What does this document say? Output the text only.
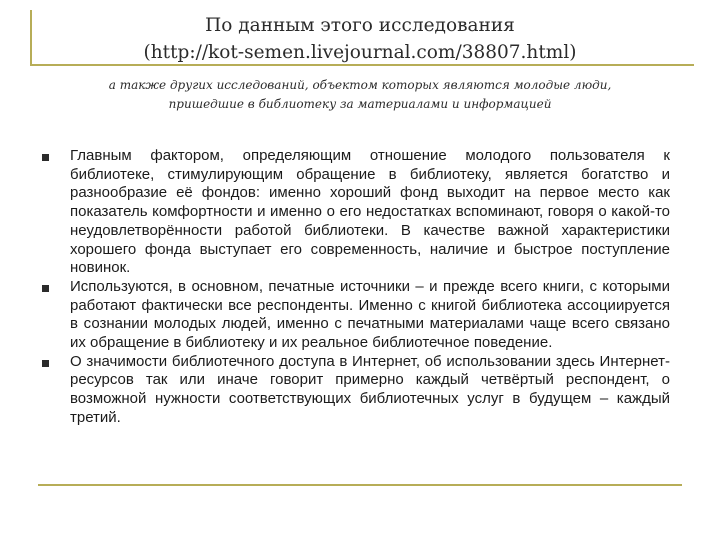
По данным этого исследования
(http://kot-semen.livejournal.com/38807.html)

а также других исследований, объектом которых являются молодые люди,
пришедшие в библиотеку за материалами и информацией

Главным фактором, определяющим отношение молодого пользователя к библиотеке, стимулирующим обращение в библиотеку, является богатство и разнообразие её фондов: именно хороший фонд выходит на первое место как показатель комфортности и именно о его недостатках вспоминают, говоря о какой-то неудовлетворённости работой библиотеки. В качестве важной характеристики хорошего фонда выступает его современность, наличие и быстрое поступление новинок.
Используются, в основном, печатные источники – и прежде всего книги, с которыми работают фактически все респонденты. Именно с книгой библиотека ассоциируется в сознании молодых людей, именно с печатными материалами чаще всего связано их обращение в библиотеку и их реальное библиотечное поведение.
О значимости библиотечного доступа в Интернет, об использовании здесь Интернет-ресурсов так или иначе говорит примерно каждый четвёртый респондент, о возможной нужности соответствующих библиотечных услуг в будущем – каждый третий.
